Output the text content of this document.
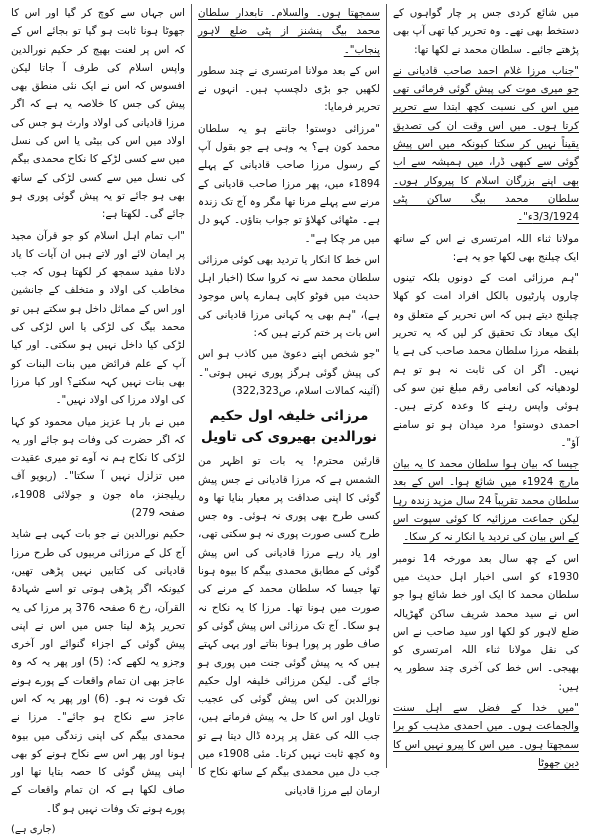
میں شائع کردی جس پر چار گواہوں کے دستخط بھی تھے۔ وہ تحریر کیا تھی آپ بھی پڑھتے جائیے۔ سلطان محمد نے لکھا تھا:

"جناب مرزا غلام احمد صاحب قادیانی نے جو میری موت کی پیش گوئی فرمائی تھی میں اس کی نسبت کچھ ابتدا سے تحریر کرتا ہوں۔ میں اس وقت ان کی تصدیق یقیناً نہیں کر سکتا کیونکہ میں اس پیش گوئی سے کبھی ڈرا، میں ہمیشہ سے اب بھی اپنے بزرگان اسلام کا پیروکار ہوں۔ سلطان محمد بیگ ساکن پٹی 3/3/1924ء"۔

مولانا ثناء اللہ امرتسری نے اس کے ساتھ ایک چیلنج بھی لکھا جو یہ ہے:

"ہم مرزائی امت کے دونوں بلکہ تینوں چاروں پارٹیوں بالکل افراد امت کو کھلا چیلنج دیتے ہیں کہ اس تحریر کے متعلق وہ ایک میعاد تک تحقیق کر لیں کہ یہ تحریر بلفظہ مرزا سلطان محمد صاحب کی ہے یا نہیں۔ اگر ان کی ثابت نہ ہو تو ہم لودھیانہ کی انعامی رقم مبلغ تین سو کی ہوئی واپس رہنے کا وعدہ کرتے ہیں۔ احمدی دوستو! مرد میدان ہو تو سامنے آؤ"۔

جیسا کہ بیان ہوا سلطان محمد کا یہ بیان مارچ 1924ء میں شائع ہوا۔ اس کے بعد سلطان محمد تقریباً 24 سال مزید زندہ رہا لیکن جماعت مرزائیہ کا کوئی سپوت اس کے اس بیان کی تردید یا انکار نہ کر سکا۔

اس کے چھ سال بعد مورخہ 14 نومبر 1930ء کو اسی اخبار اہل حدیث میں سلطان محمد کا ایک اور خط شائع ہوا جو اس نے سید محمد شریف ساکن گھڑیالہ ضلع لاہور کو لکھا اور سید صاحب نے اس کی نقل مولانا ثناء اللہ امرتسری کو بھیجی۔ اس خط کی آخری چند سطور یہ ہیں:

"میں خدا کے فضل سے اہل سنت والجماعت ہوں۔ میں احمدی مذہب کو برا سمجھتا ہوں۔ میں اس کا پیرو نہیں اس کا دین جھوٹا

سمجھتا ہوں۔ والسلام۔ تابعدار سلطان محمد بیگ پنشنز از پٹی ضلع لاہور پنجاب"۔

اس کے بعد مولانا امرتسری نے چند سطور لکھیں جو بڑی دلچسپ ہیں۔ انہوں نے تحریر فرمایا:

"مرزائی دوستو! جانتے ہو یہ سلطان محمد کون ہے؟ یہ وہی ہے جو بقول آپ کے رسول مرزا صاحب قادیانی کے پہلے 1894ء میں، پھر مرزا صاحب قادیانی کے مرنے سے پہلے مرنا تھا مگر وہ آج تک زندہ ہے۔ مٹھائی کھلاؤ تو جواب بتاؤں۔ کہو دل میں مر چکا ہے"۔

اس خط کا انکار یا تردید بھی کوئی مرزائی سلطان محمد سے نہ کروا سکا (اخبار اہل حدیث میں فوٹو کاپی ہمارے پاس موجود ہے)، "ہم بھی یہ کہانی مرزا قادیانی کی اس بات پر ختم کرتے ہیں کہ:

"جو شخص اپنے دعویٰ میں کاذب ہو اس کی پیش گوئی ہرگز پوری نہیں ہوتی"۔ (آئینہ کمالات اسلام، ص322,323)

مرزائی خلیفہ اول حکیم نورالدین بھیروی کی تاویل

قارئین محترم! یہ بات تو اظہر من الشمس ہے کہ مرزا قادیانی نے جس پیش گوئی کا اپنی صداقت پر معیار بنایا تھا وہ کسی طرح بھی پوری نہ ہوئی۔ وہ جس طرح کسی صورت پوری نہ ہو سکتی تھی، اور یاد رہے مرزا قادیانی کی اس پیش گوئی کے مطابق محمدی بیگم کا بیوہ ہونا تھا جیسا کہ سلطان محمد کے مرنے کی صورت میں ہونا تھا۔ مرزا کا یہ نکاح نہ ہو سکا۔ آج تک مرزائی اس پیش گوئی کو صاف طور پر پورا ہونا بتاتے اور یہی کہتے ہیں کہ یہ پیش گوئی جنت میں پوری ہو جائے گی۔ لیکن مرزائی خلیفہ اول حکیم نورالدین کی اس پیش گوئی کی عجیب تاویل اور اس کا حل یہ پیش فرماتے ہیں، جب اللہ کی عقل پر پردہ ڈال دیتا ہے تو وہ کچھ ثابت نہیں کرتا۔ مئی 1908ء میں جب دل میں محمدی بیگم کے ساتھ نکاح کا ارمان لیے مرزا قادیانی

اس جہاں سے کوچ کر گیا اور اس کا جھوٹا ہونا ثابت ہو گیا تو بجائے اس کے کہ اس پر لعنت بھیج کر حکیم نورالدین واپس اسلام کی طرف آ جاتا لیکن افسوس کہ اس نے ایک نئی منطق بھی پیش کی جس کا خلاصہ یہ ہے کہ اگر مرزا قادیانی کی اولاد وارث ہو جس کی اولاد میں اس کی بیٹی یا اس کی نسل میں سے کسی لڑکے کا نکاح محمدی بیگم کی نسل میں سے کسی لڑکی کے ساتھ بھی ہو جائے تو یہ پیش گوئی پوری ہو جائے گی۔ لکھتا ہے:

"اب تمام اہل اسلام کو جو قرآن مجید پر ایمان لائے اور لاتے ہیں ان آیات کا یاد دلانا مفید سمجھ کر لکھتا ہوں کہ جب مخاطب کی اولاد و متخلف کے جانشین اور اس کے مماثل داخل ہو سکتے ہیں تو محمد بیگ کی لڑکی یا اس لڑکی کی لڑکی کیا داخل نہیں ہو سکتی۔ اور کیا آپ کے علم فرائض میں بنات البنات کو بھی بنات نہیں کہہ سکتے؟ اور کیا مرزا کی اولاد مرزا کی اولاد نہیں"۔

میں نے بار ہا عزیز میاں محمود کو کہا کہ اگر حضرت کی وفات ہو جائے اور یہ لڑکی کا نکاح ہم نہ آوے تو میری عقیدت میں تزلزل نہیں آ سکتا"۔ (ریویو آف ریلیجنز، ماہ جون و جولائی 1908ء، صفحہ 279)

حکیم نورالدین نے جو بات کہی ہے شاید آج کل کے مرزائی مربیوں کی طرح مرزا قادیانی کی کتابیں نہیں پڑھی تھیں، کیونکہ اگر پڑھی ہوتی تو اسے شہادۃ القرآن، رخ 6 صفحہ 376 پر مرزا کی یہ تحریر پڑھ لیتا جس میں اس نے اپنی پیش گوئی کے اجزاء گنوائے اور آخری وجزو یہ لکھے کہ: (5) اور پھر یہ کہ وہ عاجز بھی ان تمام واقعات کے پورے ہونے تک فوت نہ ہو۔ (6) اور پھر یہ کہ اس عاجز سے نکاح ہو جائے"۔ مرزا نے محمدی بیگم کی اپنی زندگی میں بیوہ ہونا اور پھر اس سے نکاح ہونے کو بھی اپنی پیش گوئی کا حصہ بتایا تھا اور صاف لکھا ہے کہ ان تمام واقعات کے پورے ہونے تک وفات نہیں ہو گا۔

(جاری ہے)
